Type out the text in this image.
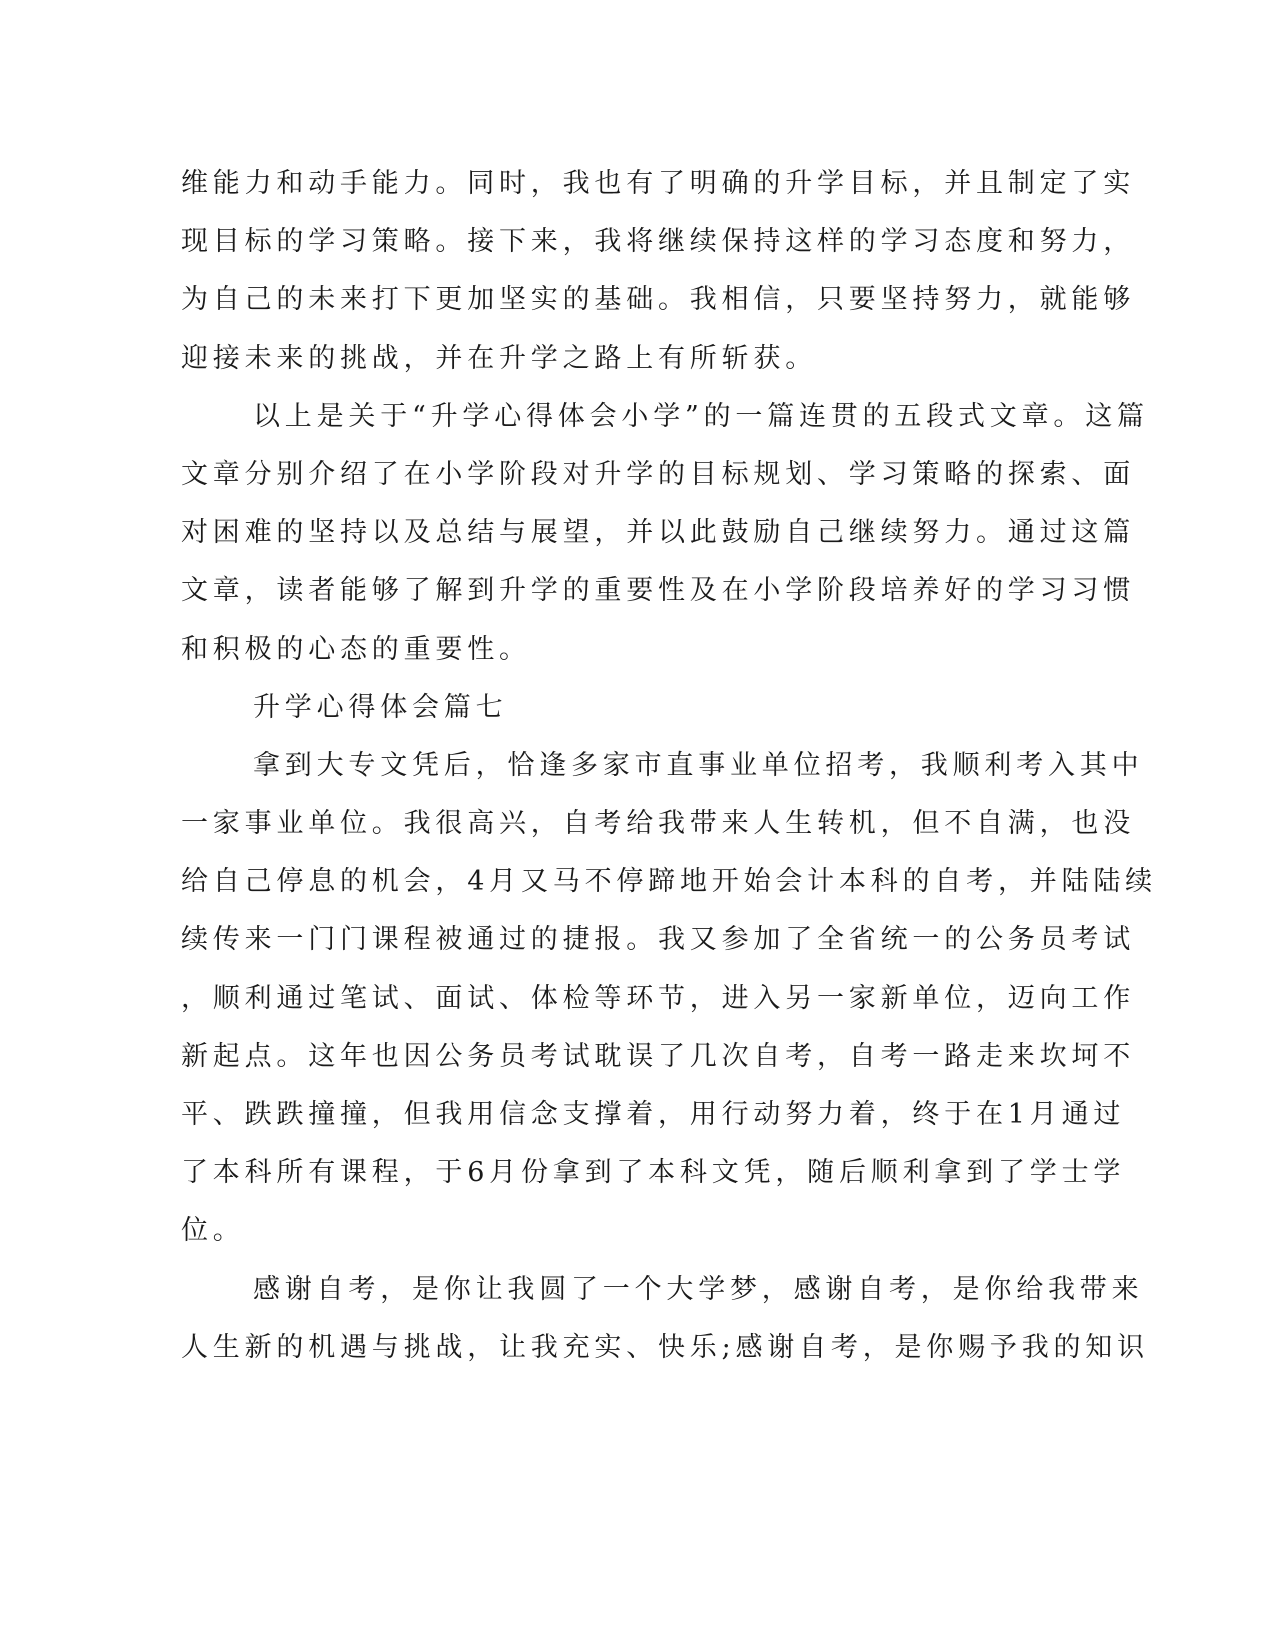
维能力和动手能力。同时，我也有了明确的升学目标，并且制定了实
现目标的学习策略。接下来，我将继续保持这样的学习态度和努力，
为自己的未来打下更加坚实的基础。我相信，只要坚持努力，就能够
迎接未来的挑战，并在升学之路上有所斩获。
以上是关于“升学心得体会小学”的一篇连贯的五段式文章。这篇
文章分别介绍了在小学阶段对升学的目标规划、学习策略的探索、面
对困难的坚持以及总结与展望，并以此鼓励自己继续努力。通过这篇
文章，读者能够了解到升学的重要性及在小学阶段培养好的学习习惯
和积极的心态的重要性。
升学心得体会篇七
拿到大专文凭后，恰逢多家市直事业单位招考，我顺利考入其中
一家事业单位。我很高兴，自考给我带来人生转机，但不自满，也没
给自己停息的机会，4月又马不停蹄地开始会计本科的自考，并陆陆续
续传来一门门课程被通过的捷报。我又参加了全省统一的公务员考试
，顺利通过笔试、面试、体检等环节，进入另一家新单位，迈向工作
新起点。这年也因公务员考试耽误了几次自考，自考一路走来坎坷不
平、跌跌撞撞，但我用信念支撑着，用行动努力着，终于在1月通过
了本科所有课程，于6月份拿到了本科文凭，随后顺利拿到了学士学
位。
感谢自考，是你让我圆了一个大学梦，感谢自考，是你给我带来
人生新的机遇与挑战，让我充实、快乐;感谢自考，是你赐予我的知识
